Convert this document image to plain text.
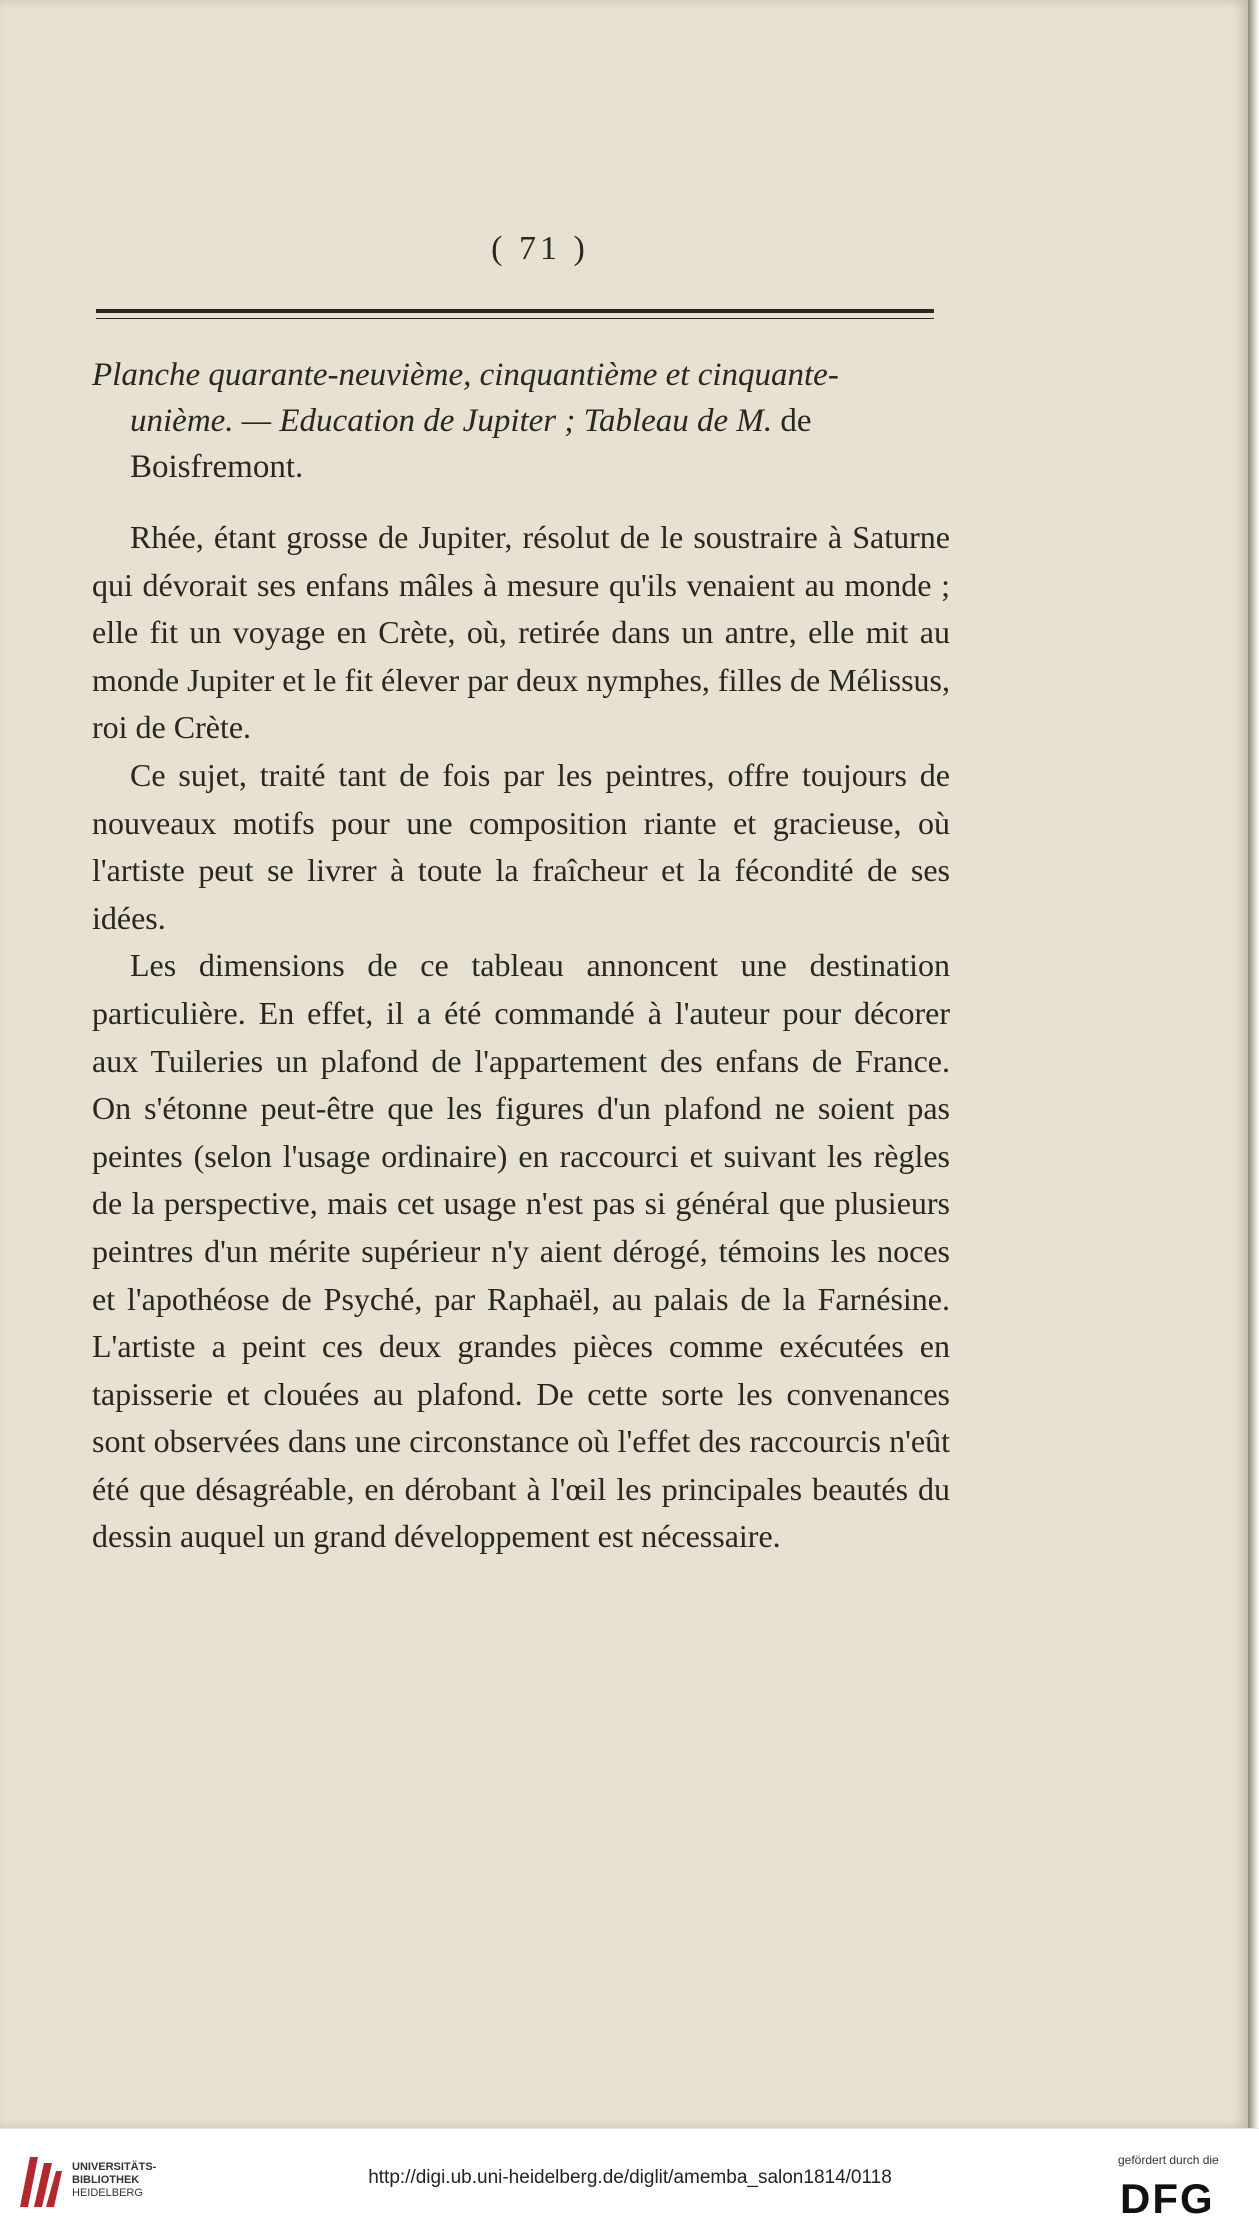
( 71 )
Planche quarante-neuvième, cinquantième et cinquante-
unième. — Education de Jupiter ; Tableau de M. de
Boisfremont.

Rhée, étant grosse de Jupiter, résolut de le soustraire à Saturne qui dévorait ses enfans mâles à mesure qu'ils venaient au monde ; elle fit un voyage en Crète, où, retirée dans un antre, elle mit au monde Jupiter et le fit élever par deux nymphes, filles de Mélissus, roi de Crète.

Ce sujet, traité tant de fois par les peintres, offre toujours de nouveaux motifs pour une composition riante et gracieuse, où l'artiste peut se livrer à toute la fraîcheur et la fécondité de ses idées.

Les dimensions de ce tableau annoncent une destination particulière. En effet, il a été commandé à l'auteur pour décorer aux Tuileries un plafond de l'appartement des enfans de France. On s'étonne peut-être que les figures d'un plafond ne soient pas peintes (selon l'usage ordinaire) en raccourci et suivant les règles de la perspective, mais cet usage n'est pas si général que plusieurs peintres d'un mérite supérieur n'y aient dérogé, témoins les noces et l'apothéose de Psyché, par Raphaël, au palais de la Farnésine. L'artiste a peint ces deux grandes pièces comme exécutées en tapisserie et clouées au plafond. De cette sorte les convenances sont observées dans une circonstance où l'effet des raccourcis n'eût été que désagréable, en dérobant à l'œil les principales beautés du dessin auquel un grand développement est nécessaire.

UNIVERSITÄTS-
BIBLIOTHEK
HEIDELBERG
http://digi.ub.uni-heidelberg.de/diglit/amemba_salon1814/0118
gefördert durch die
DFG
